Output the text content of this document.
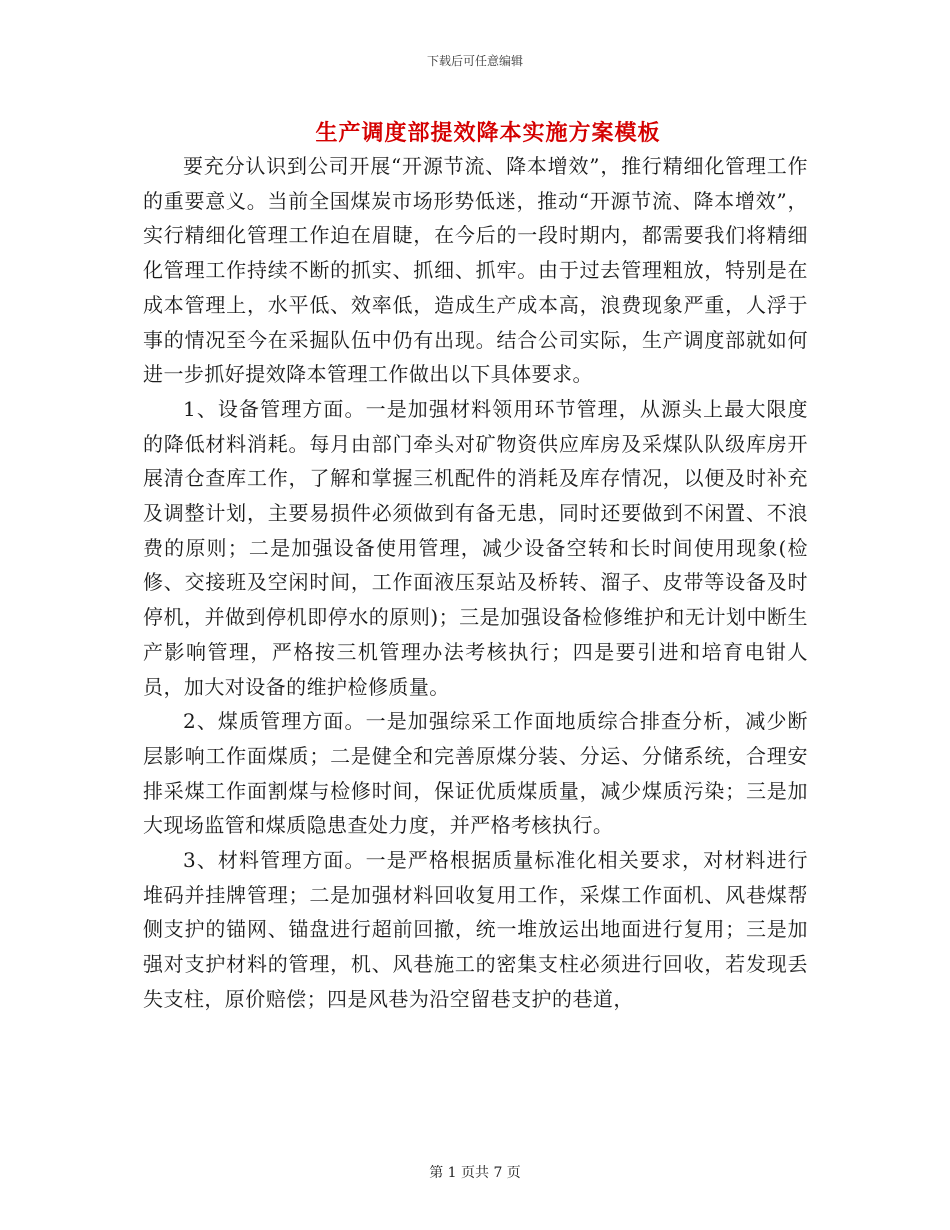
下载后可任意编辑
生产调度部提效降本实施方案模板

要充分认识到公司开展“开源节流、降本增效”，推行精细化管理工作的重要意义。当前全国煤炭市场形势低迷，推动“开源节流、降本增效”，实行精细化管理工作迫在眉睫，在今后的一段时期内，都需要我们将精细化管理工作持续不断的抓实、抓细、抓牢。由于过去管理粗放，特别是在成本管理上，水平低、效率低，造成生产成本高，浪费现象严重，人浮于事的情况至今在采掘队伍中仍有出现。结合公司实际，生产调度部就如何进一步抓好提效降本管理工作做出以下具体要求。

1、设备管理方面。一是加强材料领用环节管理，从源头上最大限度的降低材料消耗。每月由部门牵头对矿物资供应库房及采煤队队级库房开展清仓查库工作，了解和掌握三机配件的消耗及库存情况，以便及时补充及调整计划，主要易损件必须做到有备无患，同时还要做到不闲置、不浪费的原则；二是加强设备使用管理，减少设备空转和长时间使用现象(检修、交接班及空闲时间，工作面液压泵站及桥转、溜子、皮带等设备及时停机，并做到停机即停水的原则)；三是加强设备检修维护和无计划中断生产影响管理，严格按三机管理办法考核执行；四是要引进和培育电钳人员，加大对设备的维护检修质量。

2、煤质管理方面。一是加强综采工作面地质综合排查分析，减少断层影响工作面煤质；二是健全和完善原煤分装、分运、分储系统，合理安排采煤工作面割煤与检修时间，保证优质煤质量，减少煤质污染；三是加大现场监管和煤质隐患查处力度，并严格考核执行。

3、材料管理方面。一是严格根据质量标准化相关要求，对材料进行堆码并挂牌管理；二是加强材料回收复用工作，采煤工作面机、风巷煤帮侧支护的锚网、锚盘进行超前回撤，统一堆放运出地面进行复用；三是加强对支护材料的管理，机、风巷施工的密集支柱必须进行回收，若发现丢失支柱，原价赔偿；四是风巷为沿空留巷支护的巷道，

第 1 页共 7 页
